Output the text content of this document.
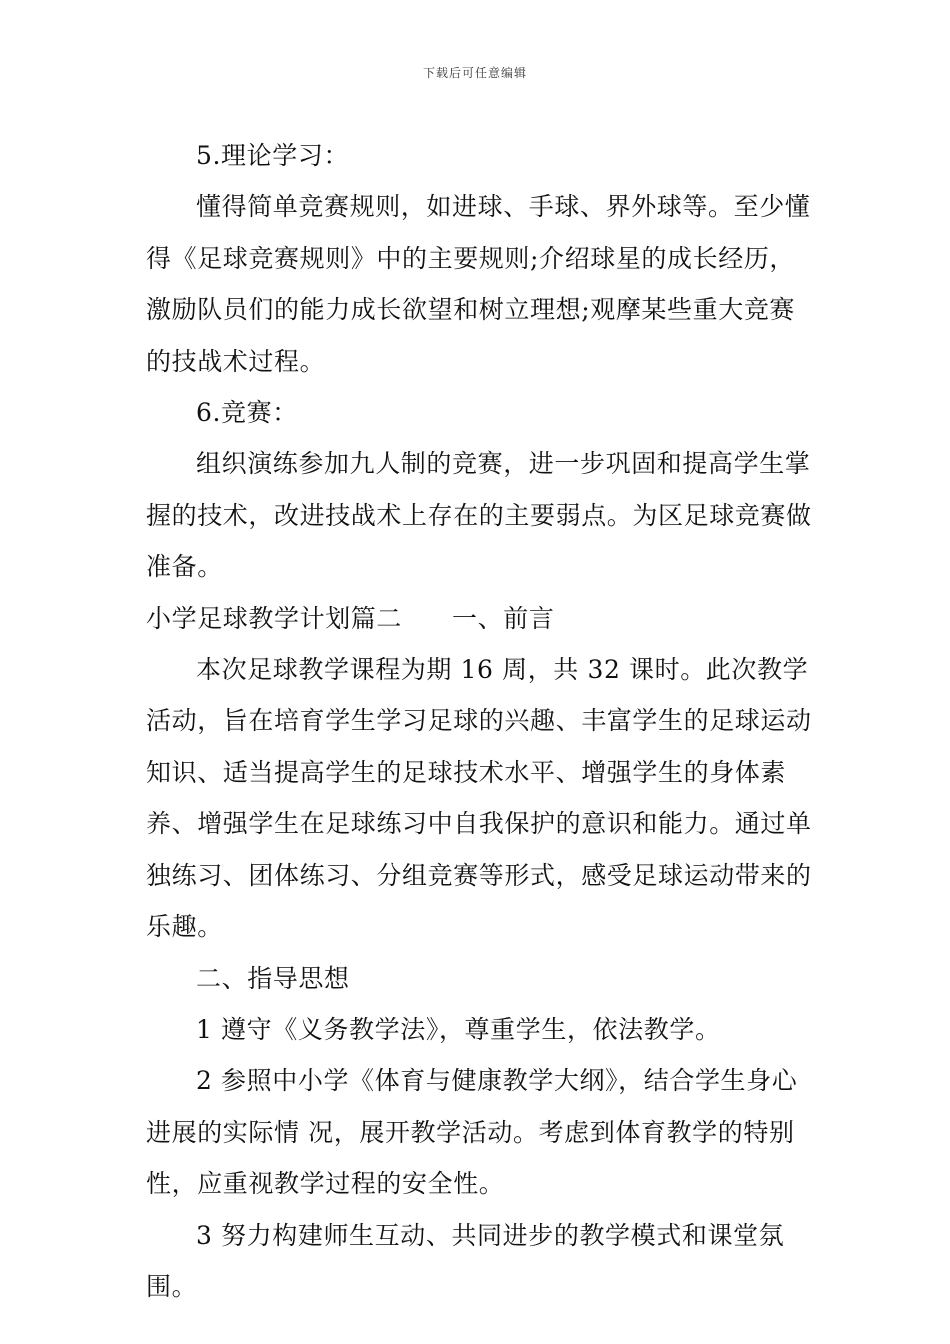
下载后可任意编辑

5.理论学习：

懂得简单竞赛规则，如进球、手球、界外球等。至少懂得《足球竞赛规则》中的主要规则;介绍球星的成长经历，激励队员们的能力成长欲望和树立理想;观摩某些重大竞赛的技战术过程。

6.竞赛：

组织演练参加九人制的竞赛，进一步巩固和提高学生掌握的技术，改进技战术上存在的主要弱点。为区足球竞赛做准备。

小学足球教学计划篇二 一、前言

本次足球教学课程为期 16 周，共 32 课时。此次教学活动，旨在培育学生学习足球的兴趣、丰富学生的足球运动知识、适当提高学生的足球技术水平、增强学生的身体素养、增强学生在足球练习中自我保护的意识和能力。通过单独练习、团体练习、分组竞赛等形式，感受足球运动带来的乐趣。

二、指导思想

1 遵守《义务教学法》，尊重学生，依法教学。

2 参照中小学《体育与健康教学大纲》，结合学生身心进展的实际情 况，展开教学活动。考虑到体育教学的特别性，应重视教学过程的安全性。

3 努力构建师生互动、共同进步的教学模式和课堂氛围。
